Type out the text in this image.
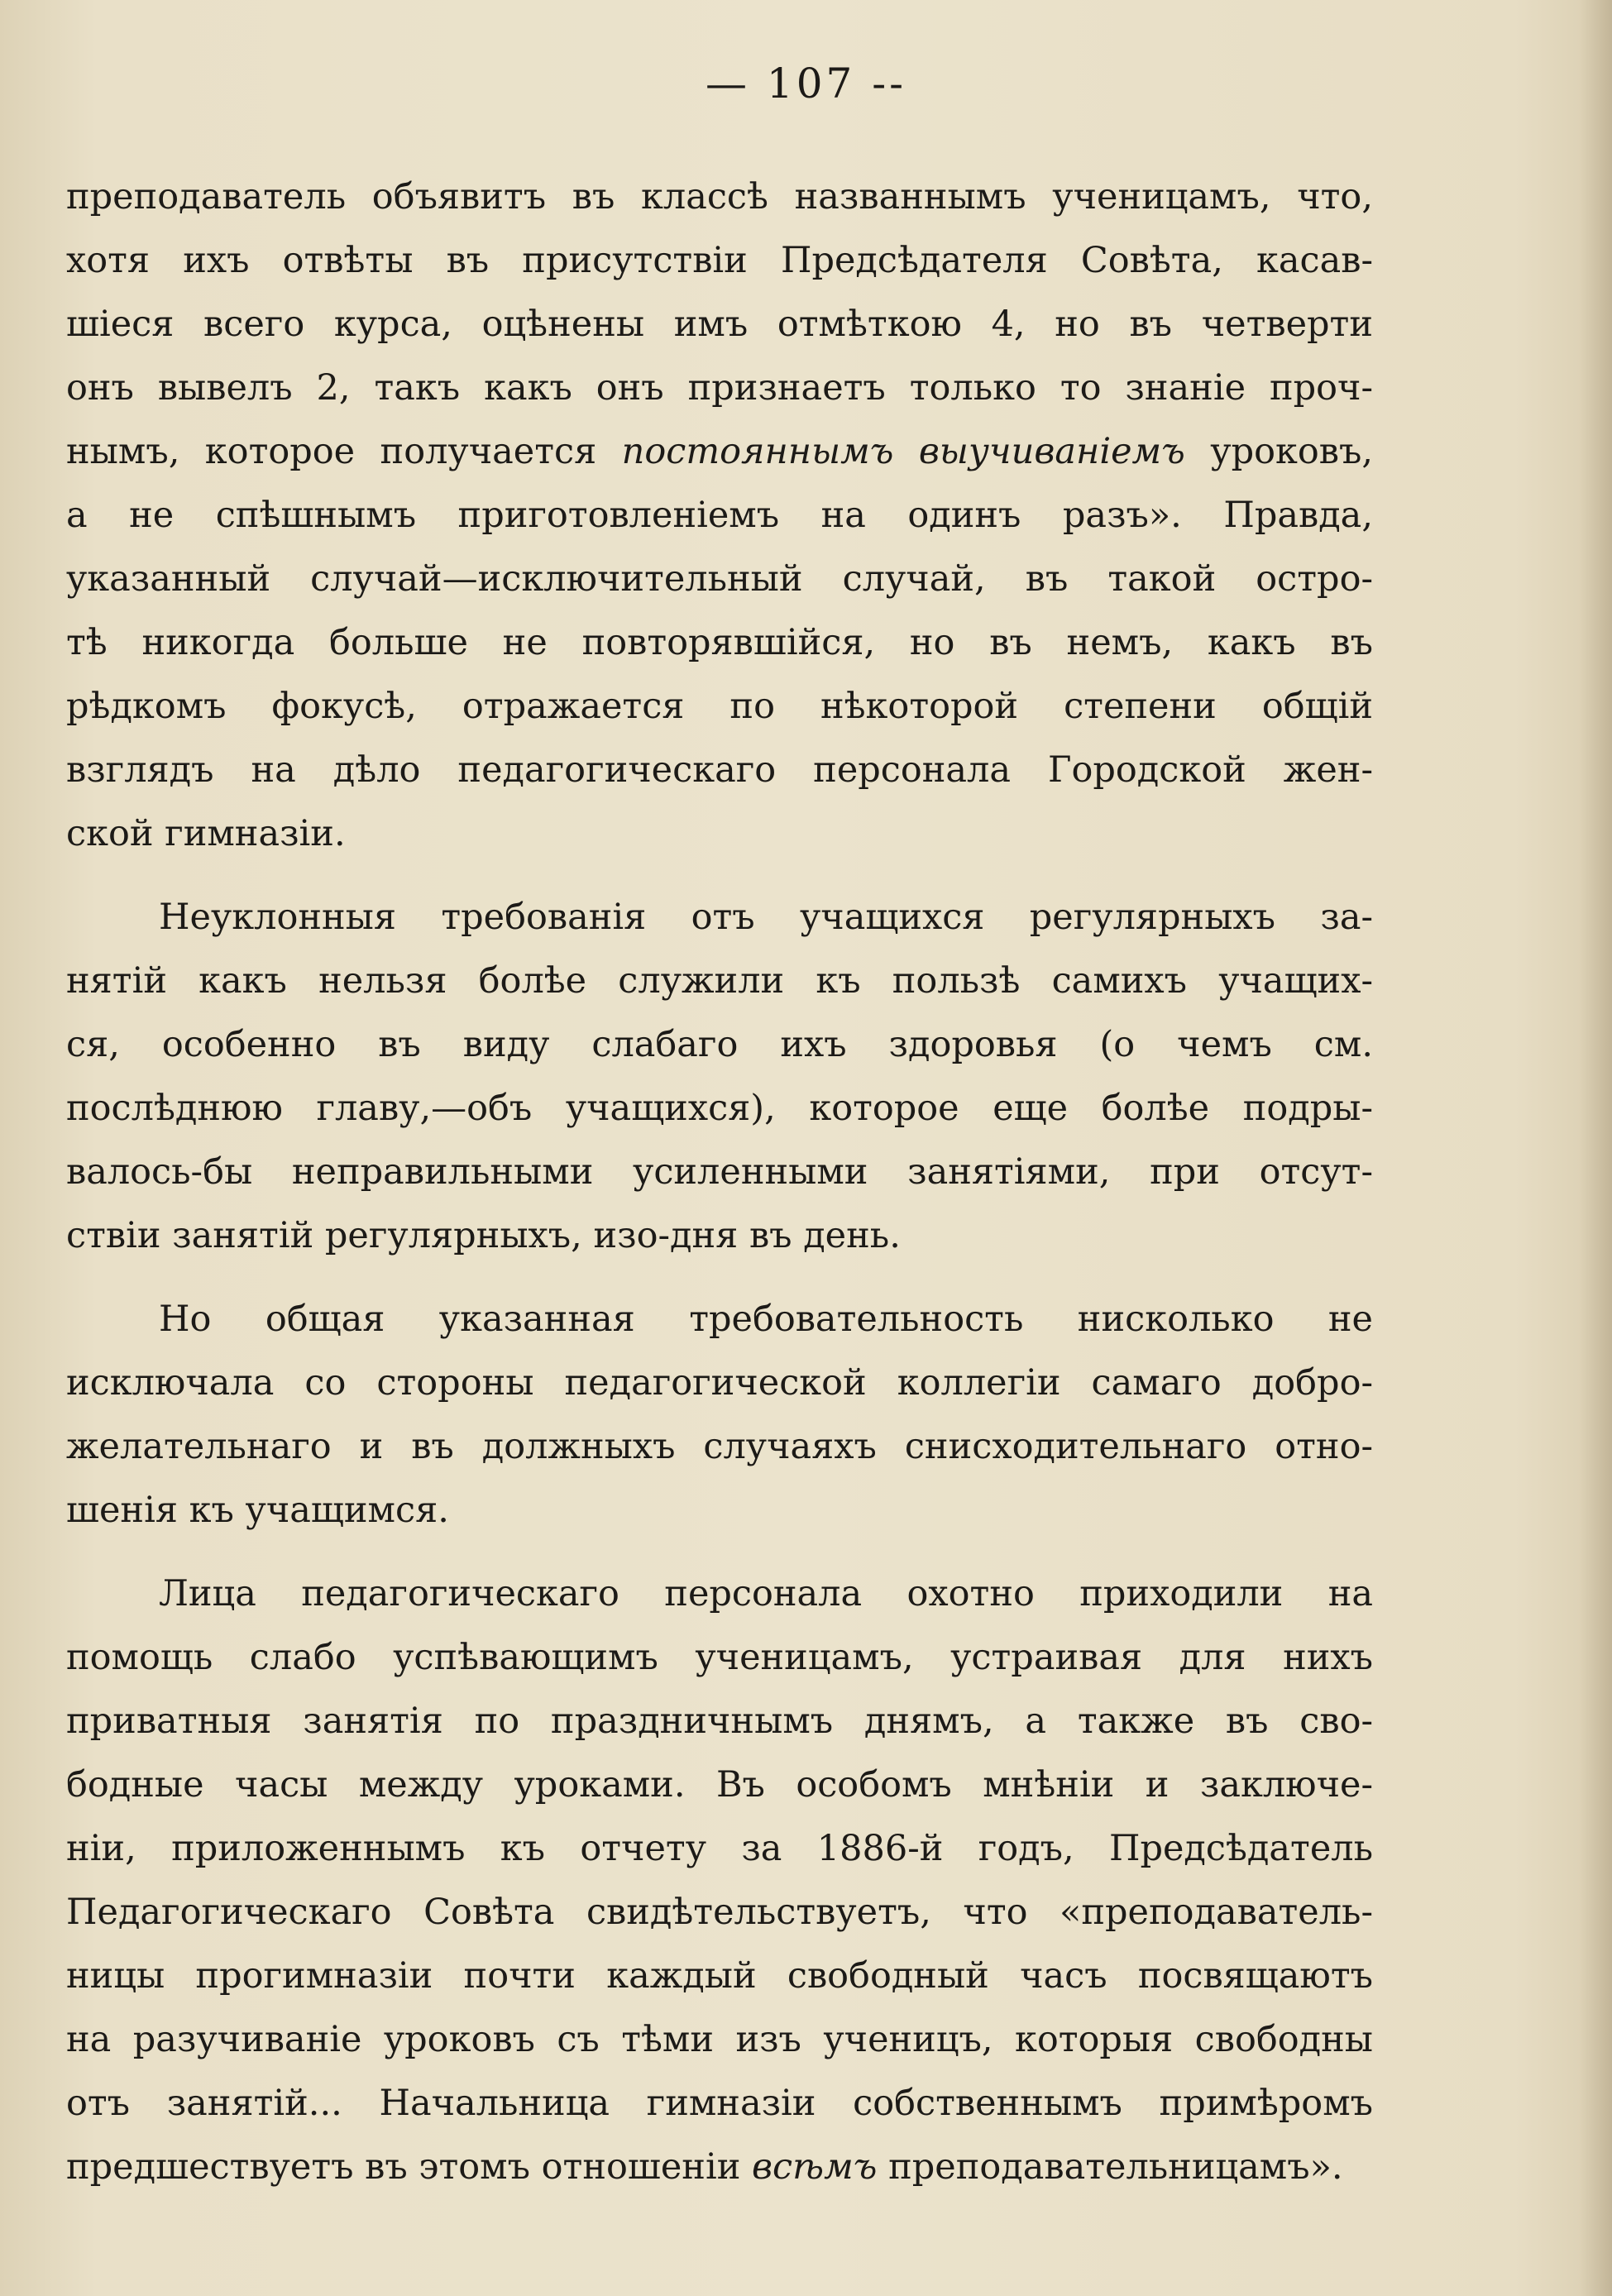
— 107 --
преподаватель объявитъ въ классѣ названнымъ ученицамъ, что,
хотя ихъ отвѣты въ присутствіи Предсѣдателя Совѣта, касав-
шіеся всего курса, оцѣнены имъ отмѣткою 4, но въ четверти
онъ вывелъ 2, такъ какъ онъ признаетъ только то знаніе проч-
нымъ, которое получается постояннымъ выучиваніемъ уроковъ,
а не спѣшнымъ приготовленіемъ на одинъ разъ». Правда,
указанный случай—исключительный случай, въ такой остро-
тѣ никогда больше не повторявшійся, но въ немъ, какъ въ
рѣдкомъ фокусѣ, отражается по нѣкоторой степени общій
взглядъ на дѣло педагогическаго персонала Городской жен-
ской гимназіи.
Неуклонныя требованія отъ учащихся регулярныхъ за-
нятій какъ нельзя болѣе служили къ пользѣ самихъ учащих-
ся, особенно въ виду слабаго ихъ здоровья (о чемъ см.
послѣднюю главу,—объ учащихся), которое еще болѣе подры-
валось-бы неправильными усиленными занятіями, при отсут-
ствіи занятій регулярныхъ, изо-дня въ день.
Но общая указанная требовательность нисколько не
исключала со стороны педагогической коллегіи самаго добро-
желательнаго и въ должныхъ случаяхъ снисходительнаго отно-
шенія къ учащимся.
Лица педагогическаго персонала охотно приходили на
помощь слабо успѣвающимъ ученицамъ, устраивая для нихъ
приватныя занятія по праздничнымъ днямъ, а также въ сво-
бодные часы между уроками. Въ особомъ мнѣніи и заключе-
ніи, приложеннымъ къ отчету за 1886-й годъ, Предсѣдатель
Педагогическаго Совѣта свидѣтельствуетъ, что «преподаватель-
ницы прогимназіи почти каждый свободный часъ посвящаютъ
на разучиваніе уроковъ съ тѣми изъ ученицъ, которыя свободны
отъ занятій... Начальница гимназіи собственнымъ примѣромъ
предшествуетъ въ этомъ отношеніи всѣмъ преподавательницамъ».
